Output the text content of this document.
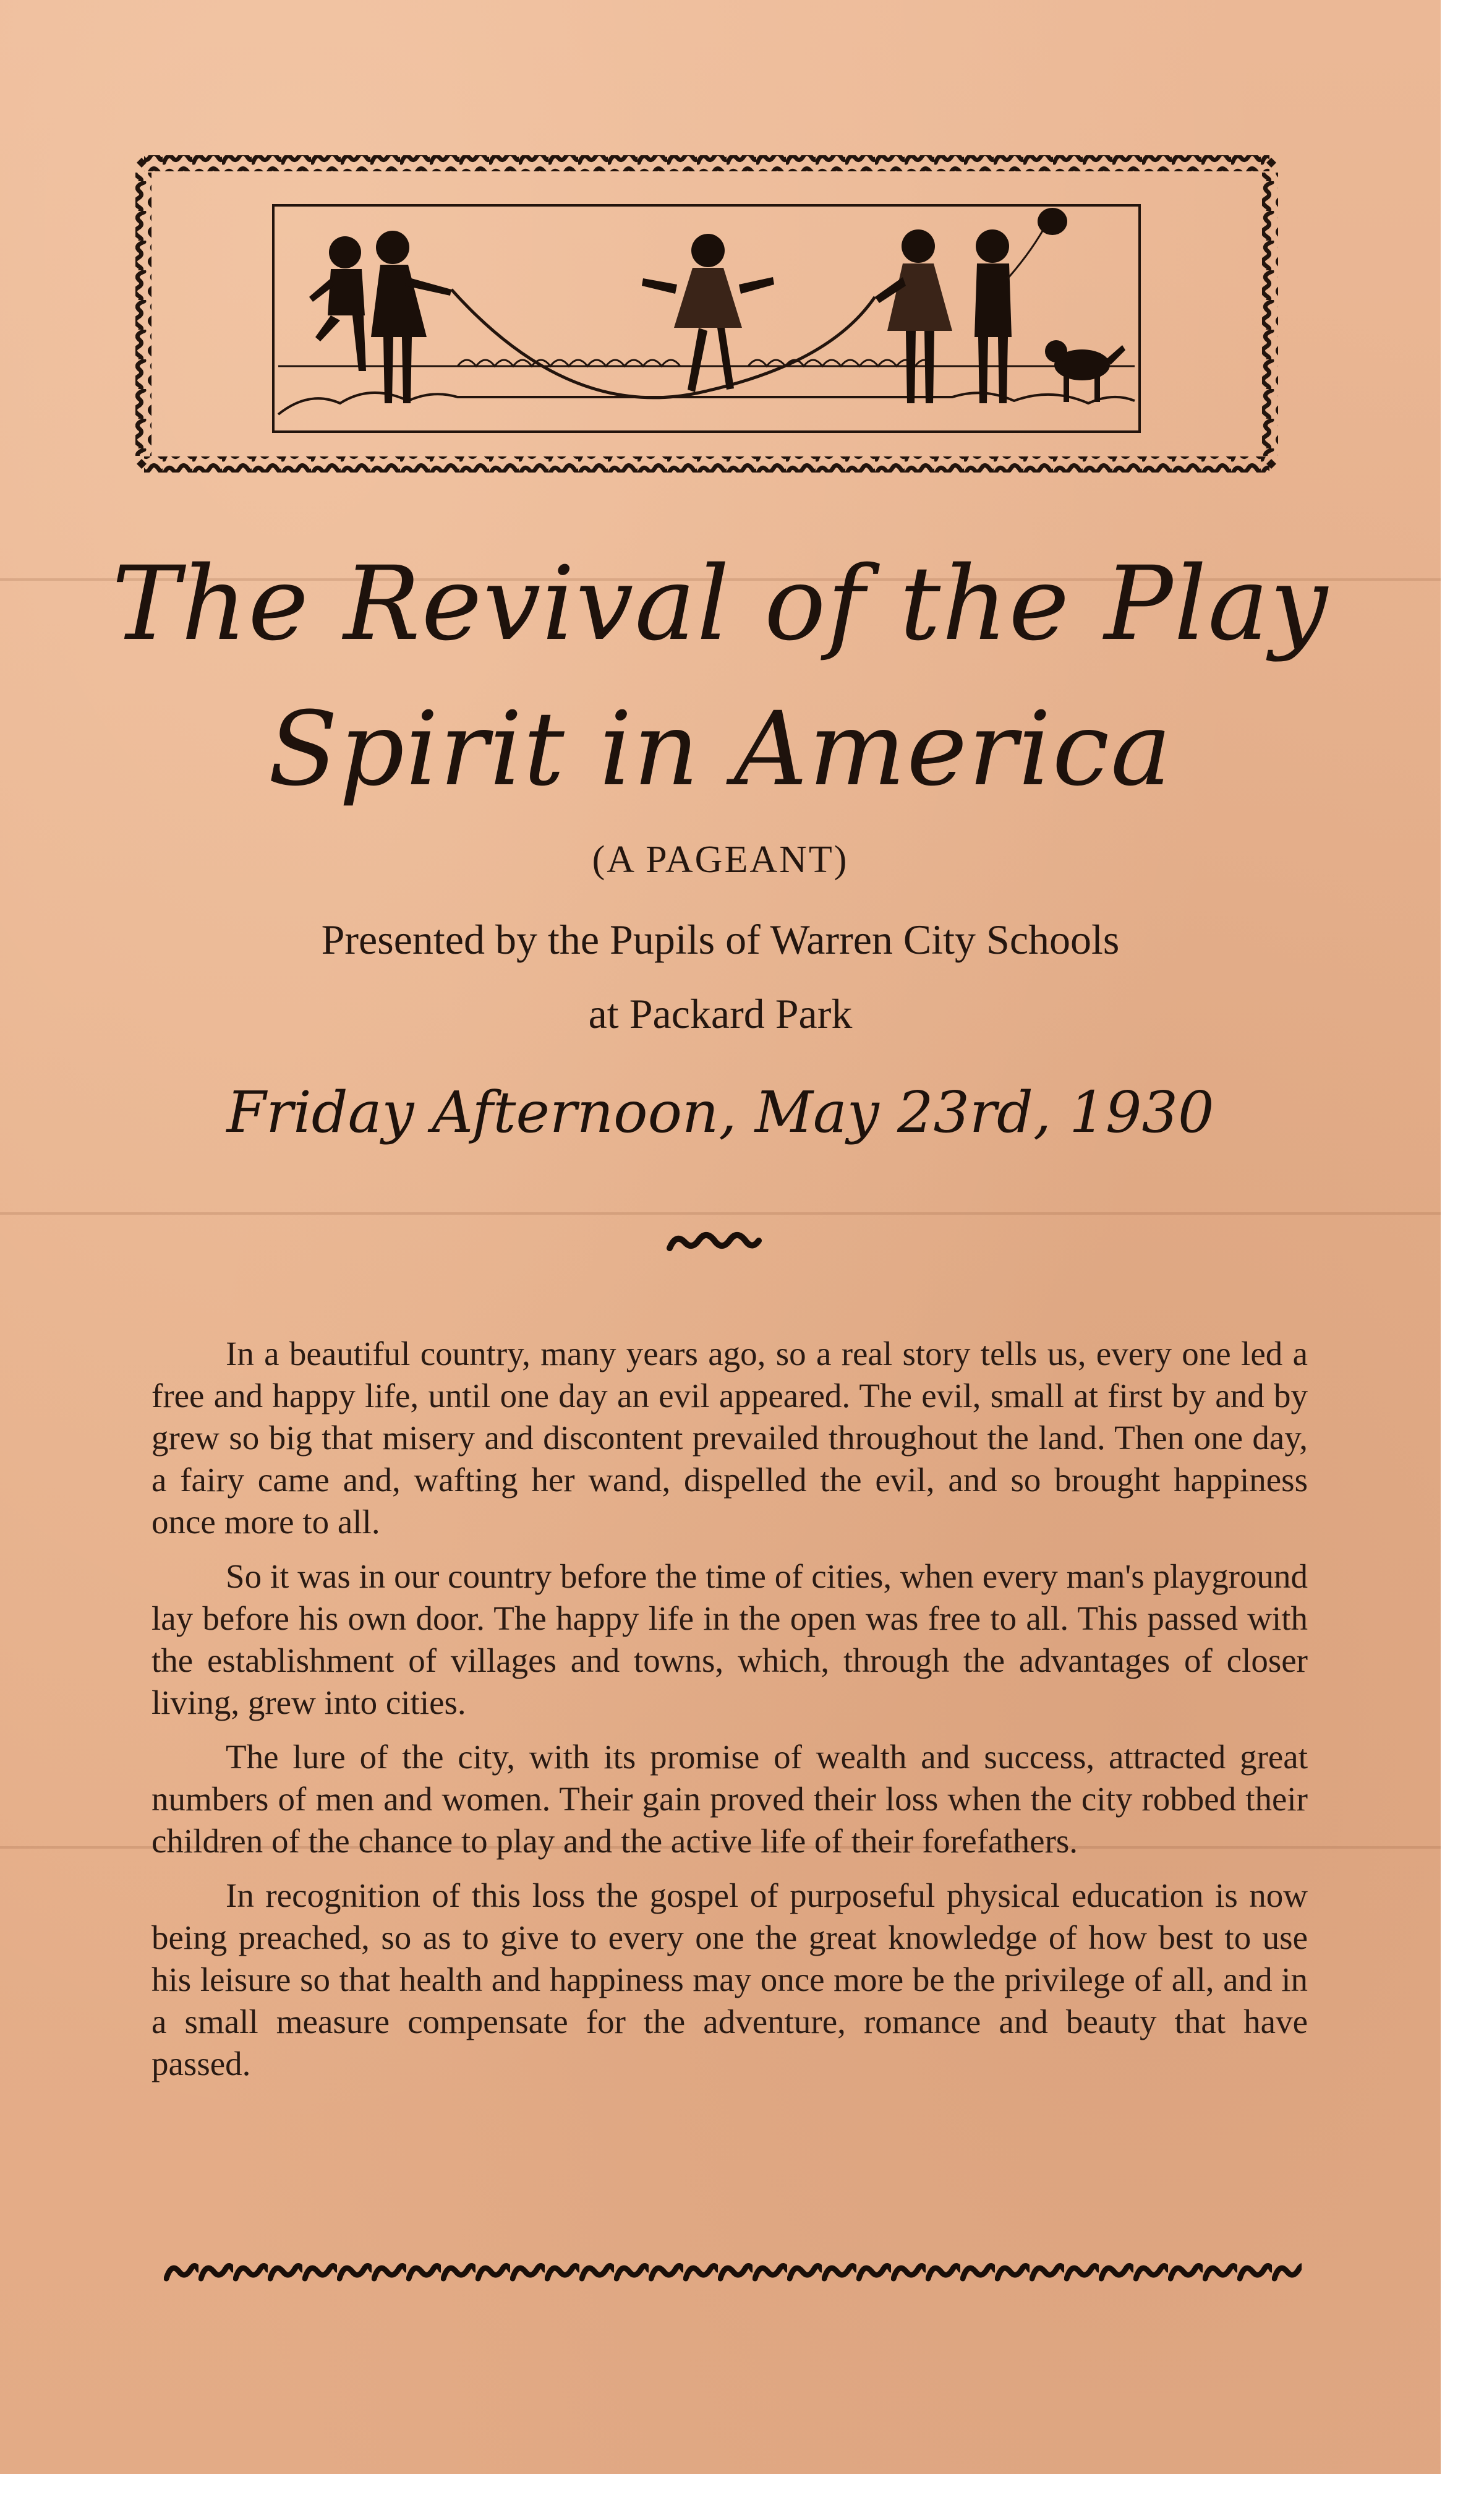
The Revival of the Play
Spirit in America
(A PAGEANT)
Presented by the Pupils of Warren City Schools
at Packard Park
Friday Afternoon, May 23rd, 1930

In a beautiful country, many years ago, so a real story tells us, every one led a free and happy life, until one day an evil appeared. The evil, small at first by and by grew so big that misery and discontent prevailed throughout the land. Then one day, a fairy came and, wafting her wand, dispelled the evil, and so brought happiness once more to all.

So it was in our country before the time of cities, when every man's playground lay before his own door. The happy life in the open was free to all. This passed with the establishment of villages and towns, which, through the advantages of closer living, grew into cities.

The lure of the city, with its promise of wealth and success, attracted great numbers of men and women. Their gain proved their loss when the city robbed their children of the chance to play and the active life of their forefathers.

In recognition of this loss the gospel of purposeful physical education is now being preached, so as to give to every one the great knowledge of how best to use his leisure so that health and happiness may once more be the privilege of all, and in a small measure compensate for the adventure, romance and beauty that have passed.
